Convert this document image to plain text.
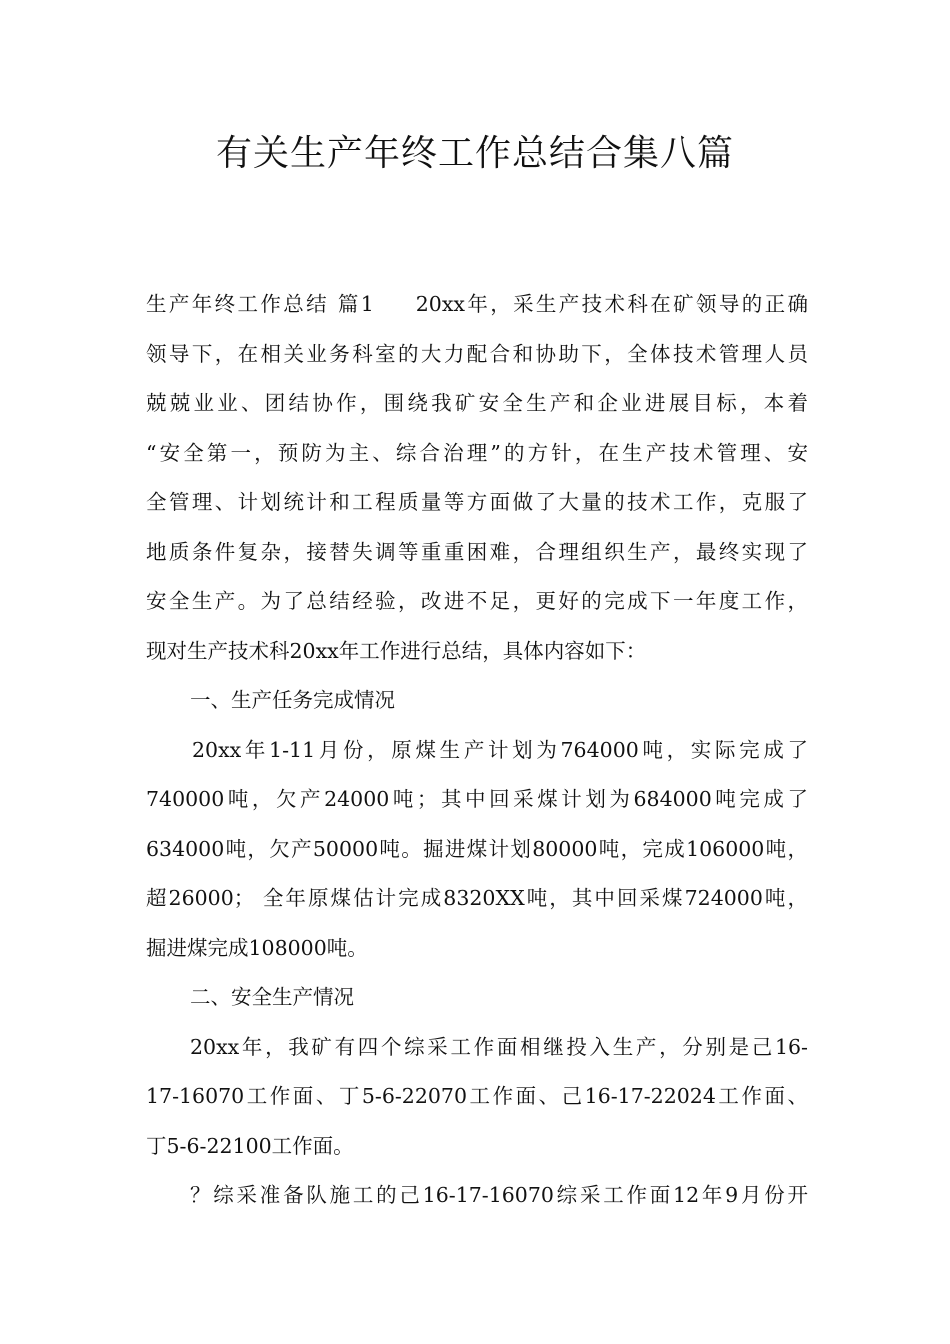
有关生产年终工作总结合集八篇
生产年终工作总结 篇1 20xx年，采生产技术科在矿领导的正确
领导下，在相关业务科室的大力配合和协助下，全体技术管理人员
兢兢业业、团结协作，围绕我矿安全生产和企业进展目标，本着
“安全第一，预防为主、综合治理”的方针，在生产技术管理、安
全管理、计划统计和工程质量等方面做了大量的技术工作，克服了
地质条件复杂，接替失调等重重困难，合理组织生产，最终实现了
安全生产。为了总结经验，改进不足，更好的完成下一年度工作，
现对生产技术科20xx年工作进行总结，具体内容如下：
一、生产任务完成情况
20xx年1-11月份，原煤生产计划为764000吨，实际完成了
740000吨，欠产24000吨；其中回采煤计划为684000吨完成了
634000吨，欠产50000吨。掘进煤计划80000吨，完成106000吨，
超26000； 全年原煤估计完成8320XX吨，其中回采煤724000吨，
掘进煤完成108000吨。
二、安全生产情况
20xx年，我矿有四个综采工作面相继投入生产，分别是己16-
17-16070工作面、丁5-6-22070工作面、己16-17-22024工作面、
丁5-6-22100工作面。
？综采准备队施工的己16-17-16070综采工作面12年9月份开
